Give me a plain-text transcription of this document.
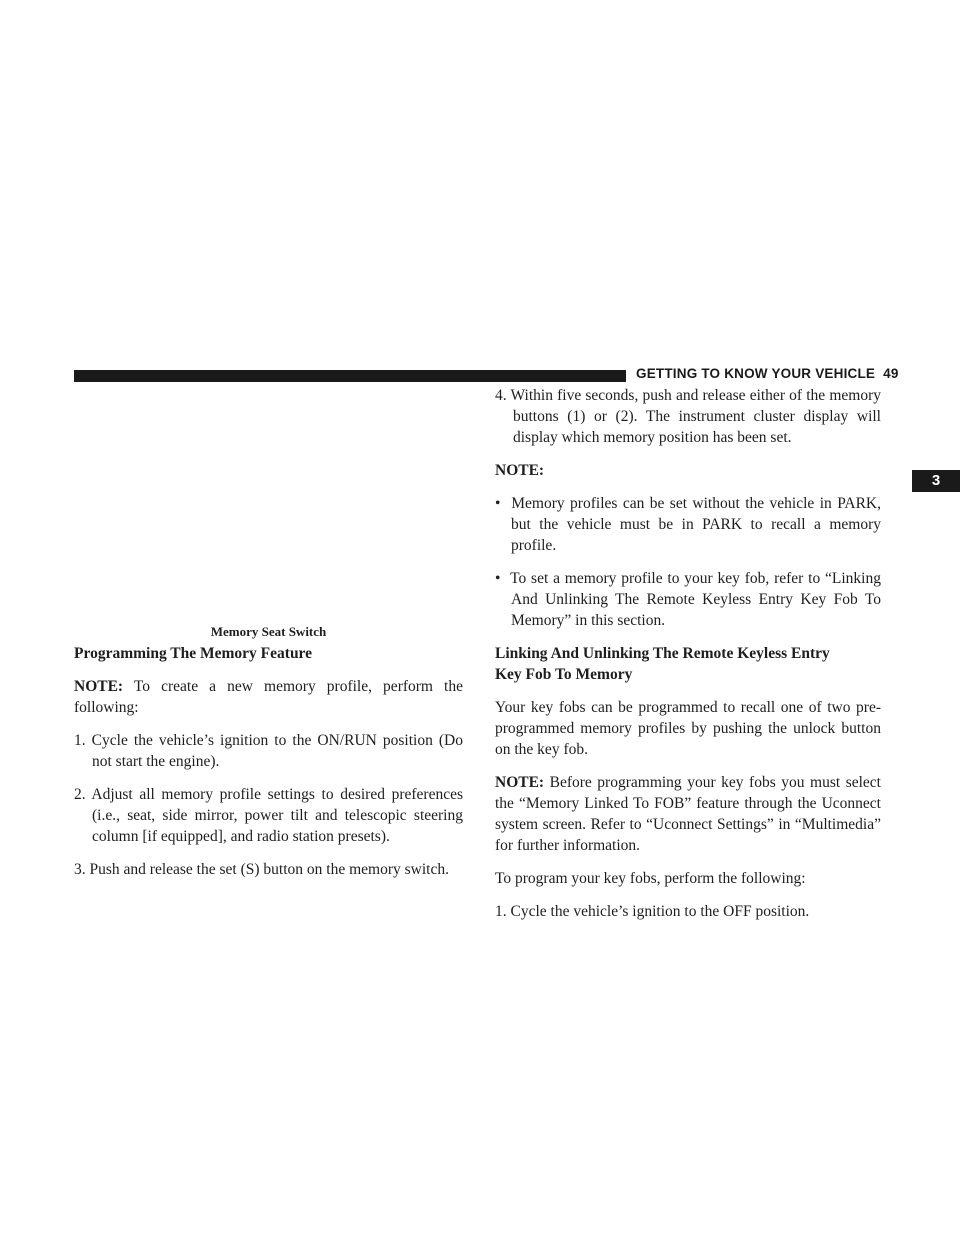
GETTING TO KNOW YOUR VEHICLE 49
3
Memory Seat Switch
Programming The Memory Feature

NOTE: To create a new memory profile, perform the following:

1. Cycle the vehicle’s ignition to the ON/RUN position (Do not start the engine).

2. Adjust all memory profile settings to desired preferences (i.e., seat, side mirror, power tilt and telescopic steering column [if equipped], and radio station presets).

3. Push and release the set (S) button on the memory switch.

4. Within five seconds, push and release either of the memory buttons (1) or (2). The instrument cluster display will display which memory position has been set.

NOTE:

•  Memory profiles can be set without the vehicle in PARK, but the vehicle must be in PARK to recall a memory profile.

•  To set a memory profile to your key fob, refer to “Linking And Unlinking The Remote Keyless Entry Key Fob To Memory” in this section.

Linking And Unlinking The Remote Keyless Entry
Key Fob To Memory

Your key fobs can be programmed to recall one of two pre-programmed memory profiles by pushing the unlock button on the key fob.

NOTE: Before programming your key fobs you must select the “Memory Linked To FOB” feature through the Uconnect system screen. Refer to “Uconnect Settings” in “Multimedia” for further information.

To program your key fobs, perform the following:

1. Cycle the vehicle’s ignition to the OFF position.
